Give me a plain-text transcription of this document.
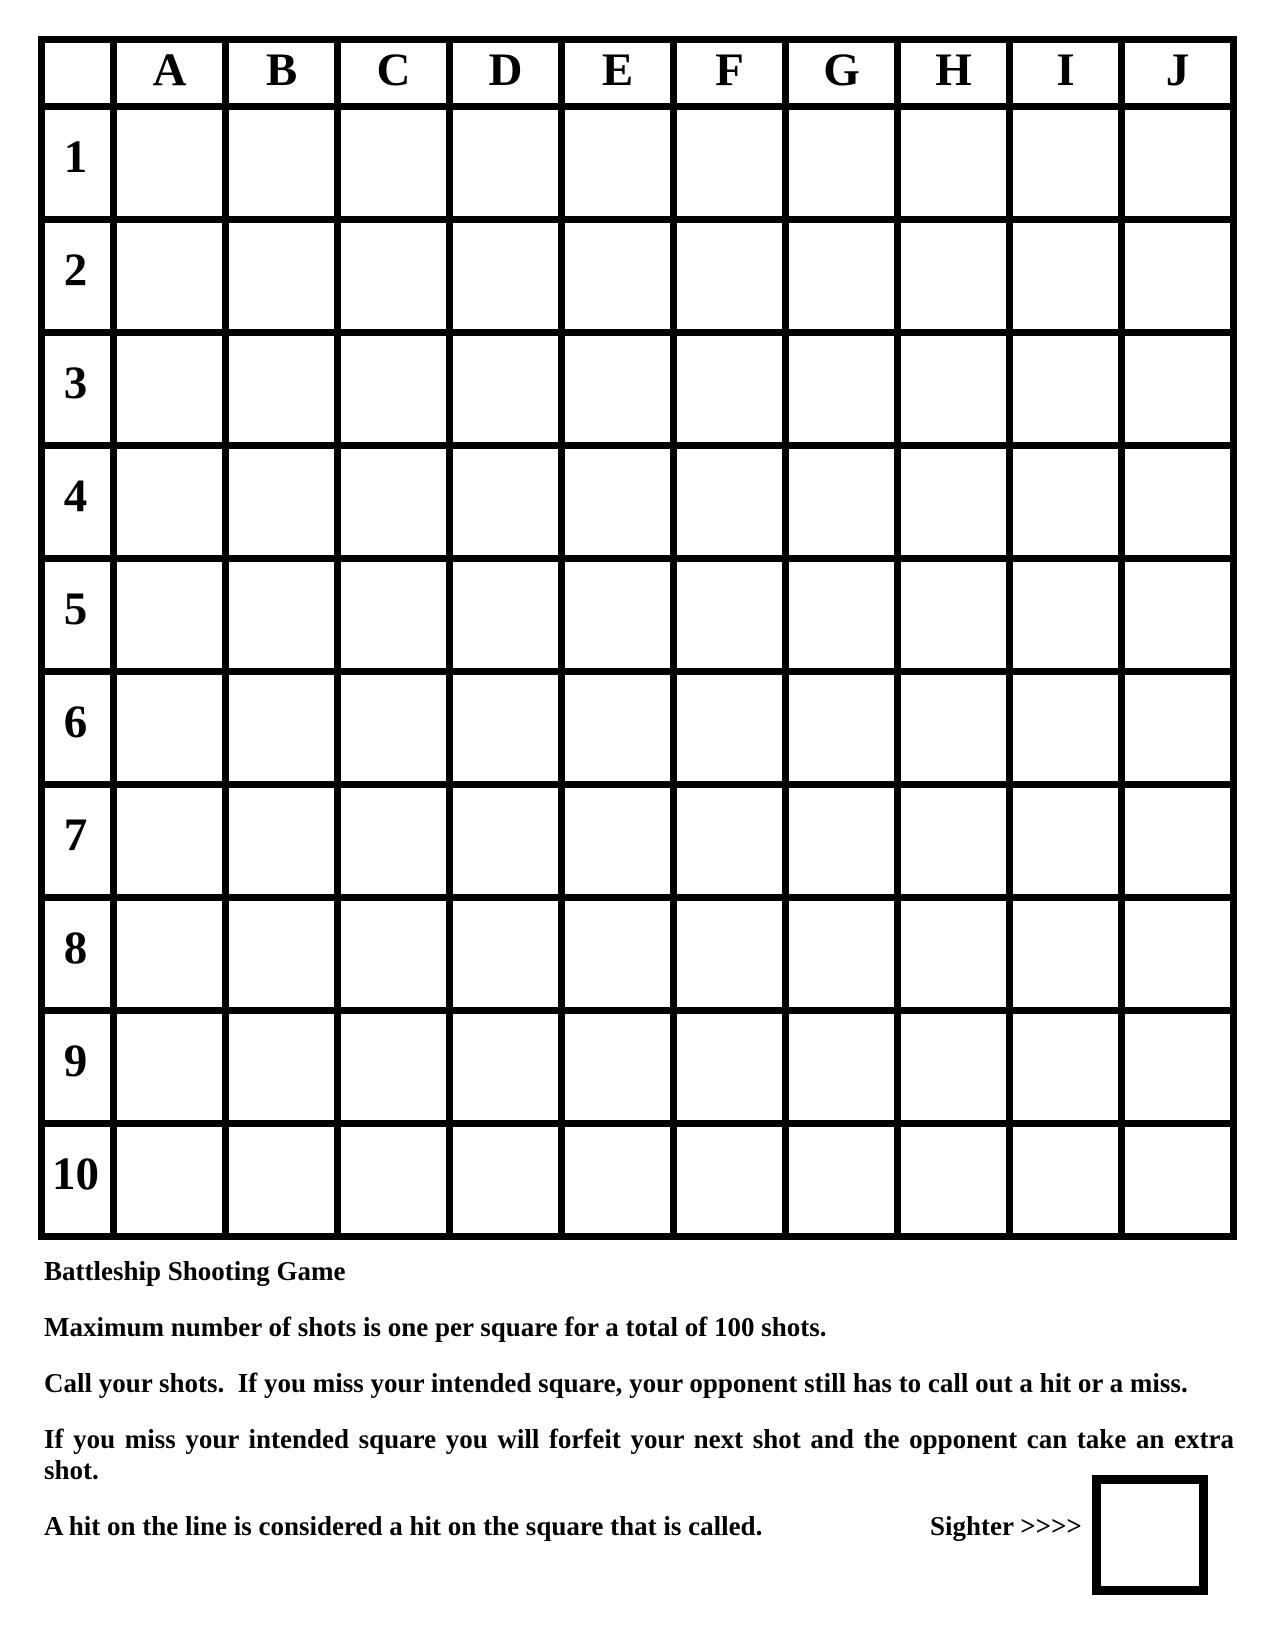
	A	B	C	D	E	F	G	H	I	J
1										
2										
3										
4										
5										
6										
7										
8										
9										
10										

Battleship Shooting Game

Maximum number of shots is one per square for a total of 100 shots.

Call your shots.  If you miss your intended square, your opponent still has to call out a hit or a miss.

If you miss your intended square you will forfeit your next shot and the opponent can take an extra shot.

A hit on the line is considered a hit on the square that is called.	Sighter >>>>
